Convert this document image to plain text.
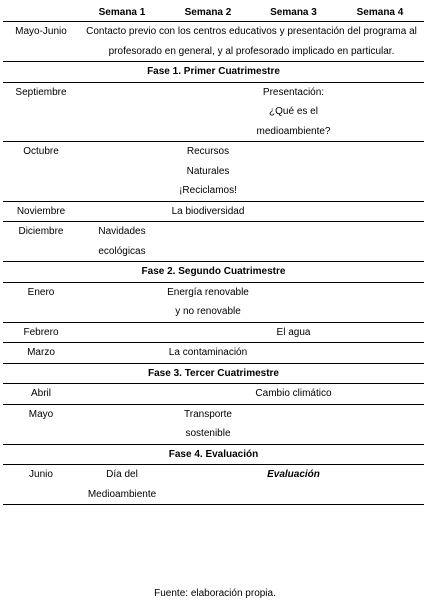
	Semana 1	Semana 2	Semana 3	Semana 4
Mayo-Junio	Contacto previo con los centros educativos y presentación del programa al profesorado en general, y al profesorado implicado en particular.			
Fase 1. Primer Cuatrimestre				
Septiembre			Presentación: ¿Qué es el medioambiente?	

Octubre		Recursos Naturales ¡Reciclamos!		

Noviembre		La biodiversidad		

Diciembre	Navidades ecológicas			

Fase 2. Segundo Cuatrimestre				
Enero		Energía renovable y no renovable		

Febrero			El agua	

Marzo		La contaminación		

Fase 3. Tercer Cuatrimestre				
Abril			Cambio climático	

Mayo		Transporte sostenible		

Fase 4. Evaluación				
Junio	Día del Medioambiente		Evaluación	

Fuente: elaboración propia.
